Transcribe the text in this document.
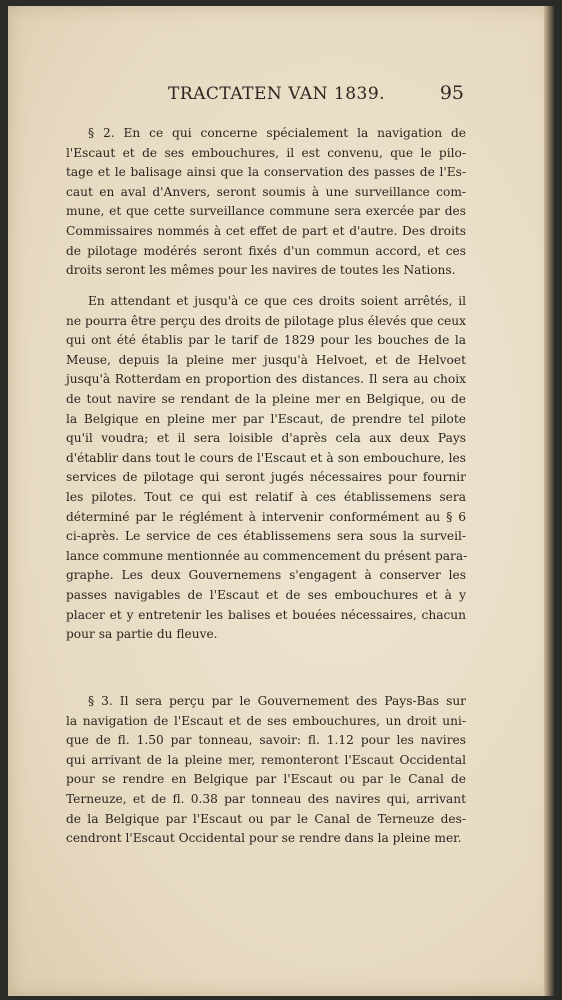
TRACTATEN VAN 1839.	95
§ 2. En ce qui concerne spécialement la navigation de
l'Escaut et de ses embouchures, il est convenu, que le pilo-
tage et le balisage ainsi que la conservation des passes de l'Es-
caut en aval d'Anvers, seront soumis à une surveillance com-
mune, et que cette surveillance commune sera exercée par des
Commissaires nommés à cet effet de part et d'autre. Des droits
de pilotage modérés seront fixés d'un commun accord, et ces
droits seront les mêmes pour les navires de toutes les Nations.
En attendant et jusqu'à ce que ces droits soient arrêtés, il
ne pourra être perçu des droits de pilotage plus élevés que ceux
qui ont été établis par le tarif de 1829 pour les bouches de la
Meuse, depuis la pleine mer jusqu'à Helvoet, et de Helvoet
jusqu'à Rotterdam en proportion des distances. Il sera au choix
de tout navire se rendant de la pleine mer en Belgique, ou de
la Belgique en pleine mer par l'Escaut, de prendre tel pilote
qu'il voudra; et il sera loisible d'après cela aux deux Pays
d'établir dans tout le cours de l'Escaut et à son embouchure, les
services de pilotage qui seront jugés nécessaires pour fournir
les pilotes. Tout ce qui est relatif à ces établissemens sera
déterminé par le réglément à intervenir conformément au § 6
ci-après. Le service de ces établissemens sera sous la surveil-
lance commune mentionnée au commencement du présent para-
graphe. Les deux Gouvernemens s'engagent à conserver les
passes navigables de l'Escaut et de ses embouchures et à y
placer et y entretenir les balises et bouées nécessaires, chacun
pour sa partie du fleuve.
§ 3. Il sera perçu par le Gouvernement des Pays-Bas sur
la navigation de l'Escaut et de ses embouchures, un droit uni-
que de fl. 1.50 par tonneau, savoir: fl. 1.12 pour les navires
qui arrivant de la pleine mer, remonteront l'Escaut Occidental
pour se rendre en Belgique par l'Escaut ou par le Canal de
Terneuze, et de fl. 0.38 par tonneau des navires qui, arrivant
de la Belgique par l'Escaut ou par le Canal de Terneuze des-
cendront l'Escaut Occidental pour se rendre dans la pleine mer.
